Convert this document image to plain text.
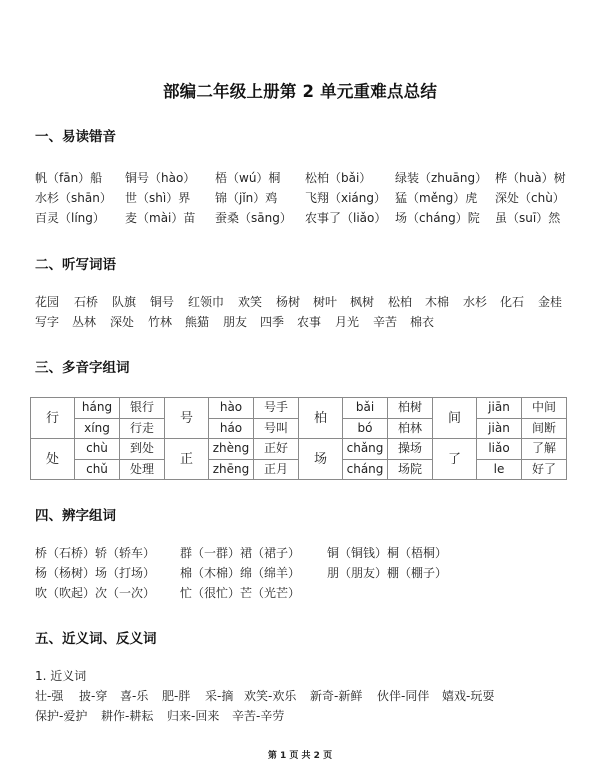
部编二年级上册第 2 单元重难点总结
一、易读错音
帆（fān）船 铜号（hào） 梧（wú）桐 松柏（bǎi） 绿装（zhuāng） 桦（huà）树
水杉（shān） 世（shì）界 锦（jǐn）鸡 飞翔（xiáng） 猛（měng）虎 深处（chù）
百灵（líng） 麦（mài）苗 蚕桑（sāng） 农事了（liǎo） 场（cháng）院 虽（suī）然
二、听写词语
花园 石桥 队旗 铜号 红领巾 欢笑 杨树 树叶 枫树 松柏 木棉 水杉 化石 金桂
写字 丛林 深处 竹林 熊猫 朋友 四季 农事 月光 辛苦 棉衣
三、多音字组词
行	háng	银行	号	hào	号手	柏	bǎi	柏树	间	jiān	中间
	xíng	行走		háo	号叫		bó	柏林		jiàn	间断
处	chù	到处	正	zhèng	正好	场	chǎng	操场	了	liǎo	了解
	chǔ	处理		zhēng	正月		cháng	场院		le	好了
四、辨字组词
桥（石桥）轿（轿车） 群（一群）裙（裙子） 铜（铜钱）桐（梧桐）
杨（杨树）场（打场） 棉（木棉）绵（绵羊） 朋（朋友）棚（棚子）
吹（吹起）次（一次） 忙（很忙）芒（光芒）
五、近义词、反义词
1. 近义词
壮-强 披-穿 喜-乐 肥-胖 采-摘 欢笑-欢乐 新奇-新鲜 伙伴-同伴 嬉戏-玩耍
保护-爱护 耕作-耕耘 归来-回来 辛苦-辛劳
第 1 页 共 2 页
